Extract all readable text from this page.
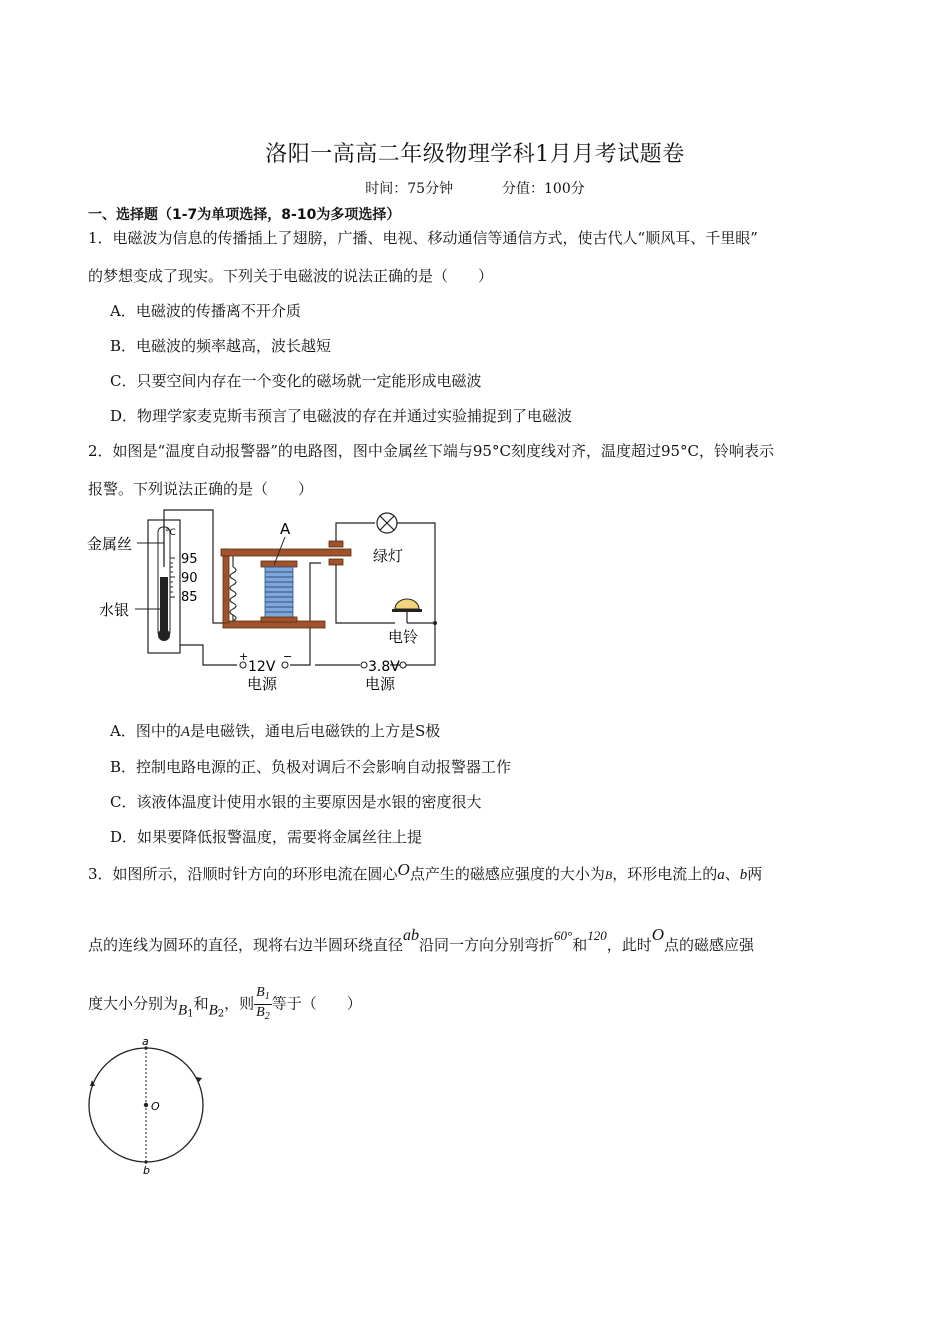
洛阳一高高二年级物理学科1月月考试题卷
时间：75分钟	分值：100分
一、选择题（1-7为单项选择，8-10为多项选择）
1．电磁波为信息的传播插上了翅膀，广播、电视、移动通信等通信方式，使古代人“顺风耳、千里眼”
的梦想变成了现实。下列关于电磁波的说法正确的是（　　）
A．电磁波的传播离不开介质
B．电磁波的频率越高，波长越短
C．只要空间内存在一个变化的磁场就一定能形成电磁波
D．物理学家麦克斯韦预言了电磁波的存在并通过实验捕捉到了电磁波
2．如图是“温度自动报警器”的电路图，图中金属丝下端与95°C刻度线对齐，温度超过95°C，铃响表示
报警。下列说法正确的是（　　）
°C
95
90
85
金属丝
水银
A
绿灯
电铃
+	−
12V
电源
3.8V
电源
A．图中的A是电磁铁，通电后电磁铁的上方是S极
B．控制电路电源的正、负极对调后不会影响自动报警器工作
C．该液体温度计使用水银的主要原因是水银的密度很大
D．如果要降低报警温度，需要将金属丝往上提
3．如图所示，沿顺时针方向的环形电流在圆心O点产生的磁感应强度的大小为B，环形电流上的a、b两
点的连线为圆环的直径，现将右边半圆环绕直径ab沿同一方向分别弯折60°和120，此时O点的磁感应强
度大小分别为$B_1$和$B_2$，则 $\frac{B_1}{B_2}$ 等于（　　）
a
b
O
